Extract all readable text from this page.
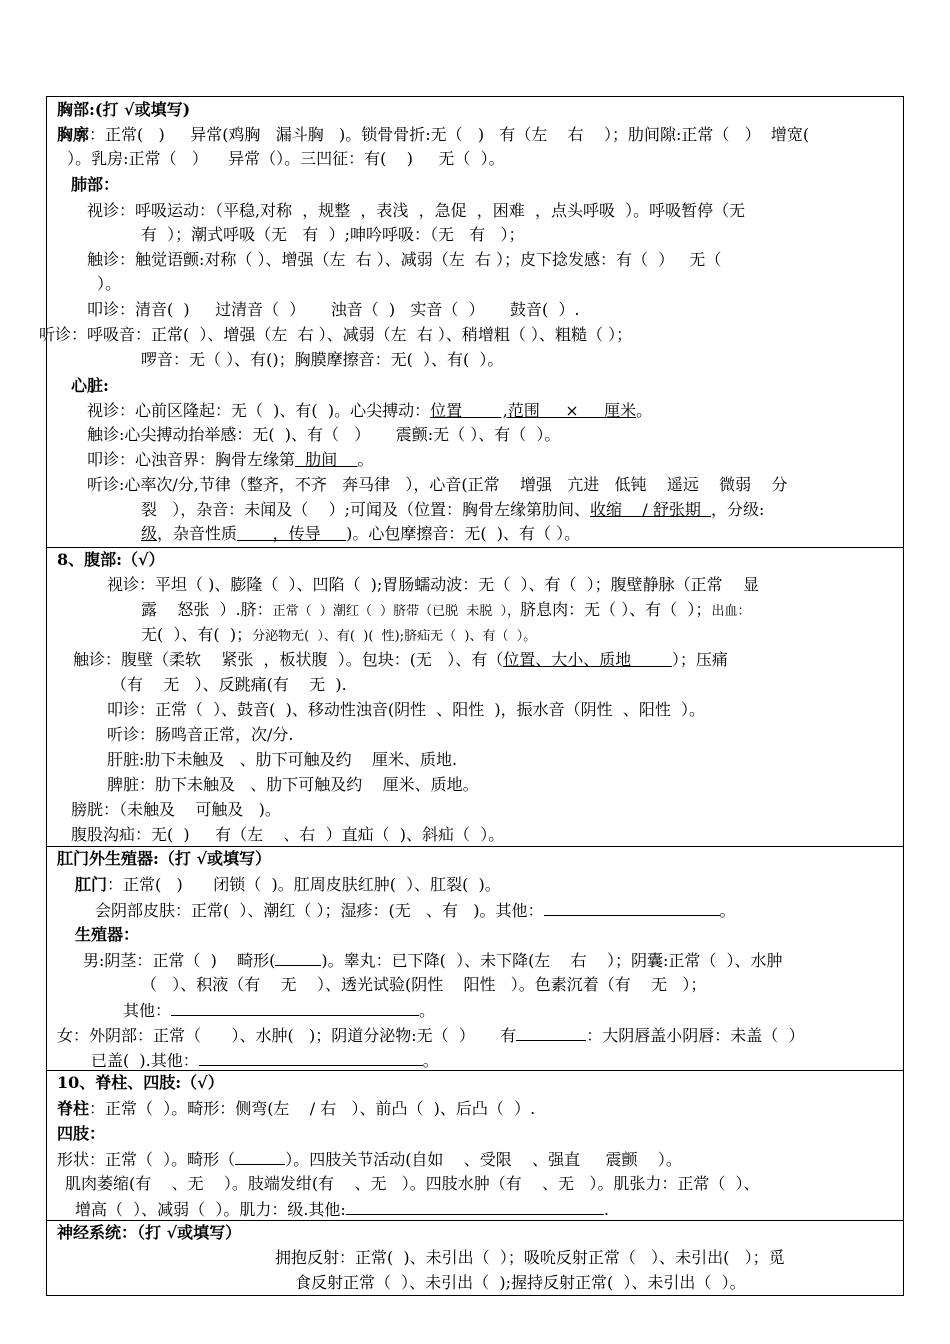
胸部:(打 √或填写)
胸廓：正常(   )     异常(鸡胸   漏斗胸   )。锁骨骨折:无（   )   有（左    右    ）；肋间隙:正常（   ）  增宽(
）。乳房:正常（   ）    异常（）。三凹征：有(    )     无（  ）。
肺部：
视诊：呼吸运动：（平稳,对称  ，规整  ，表浅  ，急促  ，困难  ，点头呼吸  ）。呼吸暂停（无
有  ）；潮式呼吸（无   有  ）;呻吟呼吸：（无   有   ）；
触诊：触觉语颤:对称（ ）、增强（左  右 ）、减弱（左  右 ）；皮下捻发感：有（  ）   无（
）。
叩诊：清音(  )     过清音（  ）     浊音（  )   实音（  ）     鼓音(  ）.
听诊：呼吸音：正常(  ）、增强（左  右 ）、减弱（左  右 ）、稍增粗（ ）、粗糙（ ）；
啰音：无（ ）、有()；胸膜摩擦音：无(  ）、有(  ）。
心脏:
视诊：心前区隆起：无（  )、有(  )。心尖搏动：位置        ,范围     ×     厘米。
触诊:心尖搏动抬举感：无(  )、有（   ）     震颤:无（ ）、有（  ）。
叩诊：心浊音界：胸骨左缘第  肋间    。
听诊:心率次/分,节律（整齐，不齐   奔马律   ），心音(正常    增强   亢进   低钝    遥远    微弱    分
裂   ），杂音：未闻及（    ）;可闻及（位置：胸骨左缘第肋间、收缩    / 舒张期  ，分级:
级，杂音性质       ，传导     )。心包摩擦音：无(  )、有（ ）。
8、腹部:（√）
视诊：平坦（ )、膨隆（  ）、凹陷（  );胃肠蠕动波：无（  ）、有（  ）；腹壁静脉（正常    显
露    怒张  ）.脐：正常（  ）潮红（  ）脐带（已脱  未脱  ），脐息肉：无（ ）、有（  ）；出血：
无(  ）、有(  )；分泌物无(  ）、有(  )(  性);脐疝无（  )、有（  ）。
触诊：腹壁（柔软    紧张  ，板状腹  ）。包块：(无   ）、有（位置、大小、质地        ）；压痛
（有    无   ）、反跳痛(有    无  ).
叩诊：正常（  ）、鼓音(  )、移动性浊音(阴性  、阳性  )，振水音（阴性  、阳性  ）。
听诊：肠鸣音正常，次/分.
肝脏:肋下未触及   、肋下可触及约    厘米、质地.
脾脏：肋下未触及   、肋下可触及约    厘米、质地。
膀胱：（未触及    可触及   )。
腹股沟疝：无(  )     有（左    、右  ）直疝（  )、斜疝（  ）。
肛门外生殖器:（打 √或填写）
肛门：正常(   )      闭锁（  )。肛周皮肤红肿(  ）、肛裂(  )。
会阴部皮肤：正常(  ）、潮红（ ）；湿疹：(无   、有   )。其他：	。
生殖器：
男:阴茎：正常（  )    畸形(	)。睾丸：已下降(  ）、未下降(左    右    ）；阴囊:正常（  ）、水肿
（   ）、积液（有    无    ）、透光试验(阴性    阳性   ）。色素沉着（有    无   ）；
其他：	。
女：外阴部：正常（      ）、水肿(   )；阴道分泌物:无（  ）     有	：大阴唇盖小阴唇：未盖（  ）
已盖(  ).其他：	。
10、脊柱、四肢:（√）
脊柱：正常（  ）。畸形：侧弯(左    / 右   ）、前凸（  )、后凸（  ）.
四肢：
形状：正常（  ）。畸形（	）。四肢关节活动(自如    、受限    、强直     震颤    ）。
肌肉萎缩(有    、无    ）。肢端发绀(有    、无   ）。四肢水肿（有    、无   ）。肌张力：正常（  ）、
增高（  ）、减弱（  ）。肌力：级.其他:	.
神经系统：（打 √或填写）
拥抱反射：正常(  )、未引出（  ）；吸吮反射正常（   ）、未引出(   ）；觅
食反射正常（  ）、未引出（  );握持反射正常(  ）、未引出（  ）。
